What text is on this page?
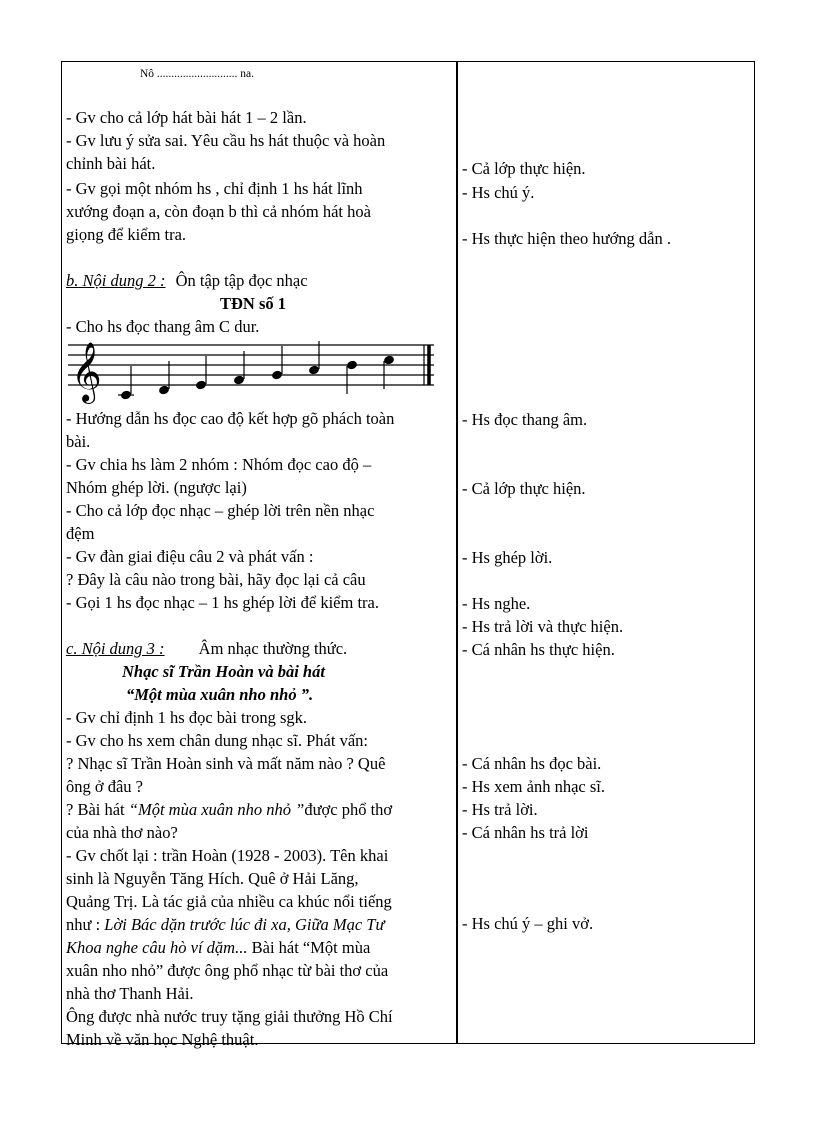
Nô ............................ na.
- Gv cho cả lớp hát bài hát 1 – 2 lần.
- Gv lưu ý sửa sai. Yêu cầu hs hát thuộc và hoàn
chỉnh bài hát.
- Gv gọi một nhóm hs , chỉ định 1 hs hát lĩnh
xướng đoạn a, còn đoạn b thì cả nhóm hát hoà
giọng để kiểm tra.
b. Nội dung 2 : Ôn tập tập đọc nhạc
TĐN số 1
- Cho hs đọc thang âm C dur.
𝄞
- Hướng dẫn hs đọc cao độ kết hợp gõ phách toàn
bài.
- Gv chia hs làm 2 nhóm : Nhóm đọc cao độ –
Nhóm ghép lời. (ngược lại)
- Cho cả lớp đọc nhạc – ghép lời trên nền nhạc
đệm
- Gv đàn giai điệu câu 2 và phát vấn :
? Đây là câu nào trong bài, hãy đọc lại cả câu
- Gọi 1 hs đọc nhạc – 1 hs ghép lời để kiểm tra.
c. Nội dung 3 : Âm nhạc thường thức.
Nhạc sĩ Trần Hoàn và bài hát
“Một mùa xuân nho nhỏ ”.
- Gv chỉ định 1 hs đọc bài trong sgk.
- Gv cho hs xem chân dung nhạc sĩ. Phát vấn:
? Nhạc sĩ Trần Hoàn sinh và mất năm nào ? Quê
ông ở đâu ?
? Bài hát “Một mùa xuân nho nhỏ ”được phổ thơ
của nhà thơ nào?
- Gv chốt lại : trần Hoàn (1928 - 2003). Tên khai
sinh là Nguyễn Tăng Hích. Quê ở Hải Lăng,
Quảng Trị. Là tác giả của nhiều ca khúc nổi tiếng
như : Lời Bác dặn trước lúc đi xa, Giữa Mạc Tư
Khoa nghe câu hò ví dặm... Bài hát “Một mùa
xuân nho nhỏ” được ông phổ nhạc từ bài thơ của
nhà thơ Thanh Hải.
Ông được nhà nước truy tặng giải thưởng Hồ Chí
Minh về văn học Nghệ thuật.
- Cả lớp thực hiện.
- Hs chú ý.
- Hs thực hiện theo hướng dẫn .
- Hs đọc thang âm.
- Cả lớp thực hiện.
- Hs ghép lời.
- Hs nghe.
- Hs trả lời và thực hiện.
- Cá nhân hs thực hiện.
- Cá nhân hs đọc bài.
- Hs xem ảnh nhạc sĩ.
- Hs trả lời.
- Cá nhân hs trả lời
- Hs chú ý – ghi vở.
